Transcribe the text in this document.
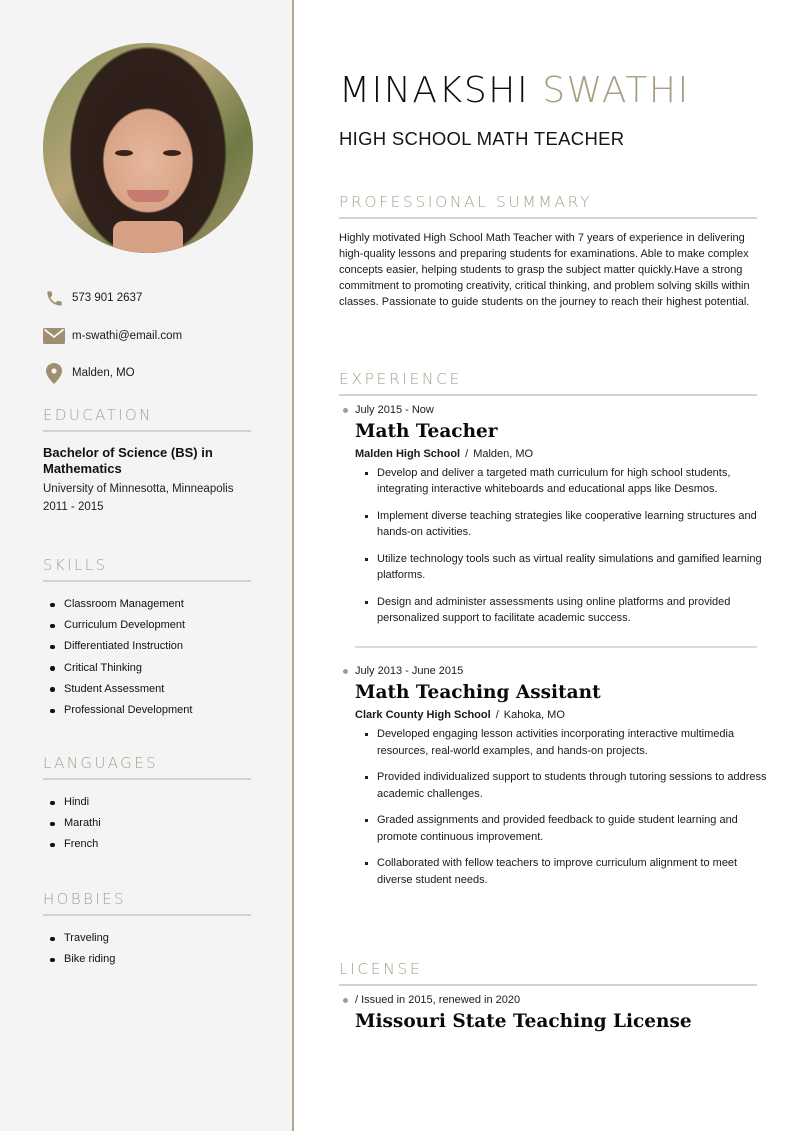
573 901 2637
m-swathi@email.com
Malden, MO
EDUCATION
Bachelor of Science (BS) in Mathematics
University of Minnesotta, Minneapolis
2011 - 2015
SKILLS
Classroom Management
Curriculum Development
Differentiated Instruction
Critical Thinking
Student Assessment
Professional Development
LANGUAGES
Hindi
Marathi
French
HOBBIES
Traveling
Bike riding
MINAKSHI SWATHI
HIGH SCHOOL MATH TEACHER
PROFESSIONAL SUMMARY

Highly motivated High School Math Teacher with 7 years of experience in delivering high-quality lessons and preparing students for examinations. Able to make complex concepts easier, helping students to grasp the subject matter quickly.Have a strong commitment to promoting creativity, critical thinking, and problem solving skills within classes. Passionate to guide students on the journey to reach their highest potential.

EXPERIENCE
July 2015 - Now
Math Teacher
Malden High School / Malden, MO
Develop and deliver a targeted math curriculum for high school students, integrating interactive whiteboards and educational apps like Desmos.
Implement diverse teaching strategies like cooperative learning structures and hands-on activities.
Utilize technology tools such as virtual reality simulations and gamified learning platforms.
Design and administer assessments using online platforms and provided personalized support to facilitate academic success.
July 2013 - June 2015
Math Teaching Assitant
Clark County High School / Kahoka, MO
Developed engaging lesson activities incorporating interactive multimedia resources, real-world examples, and hands-on projects.
Provided individualized support to students through tutoring sessions to address academic challenges.
Graded assignments and provided feedback to guide student learning and promote continuous improvement.
Collaborated with fellow teachers to improve curriculum alignment to meet diverse student needs.
LICENSE
/ Issued in 2015, renewed in 2020
Missouri State Teaching License
